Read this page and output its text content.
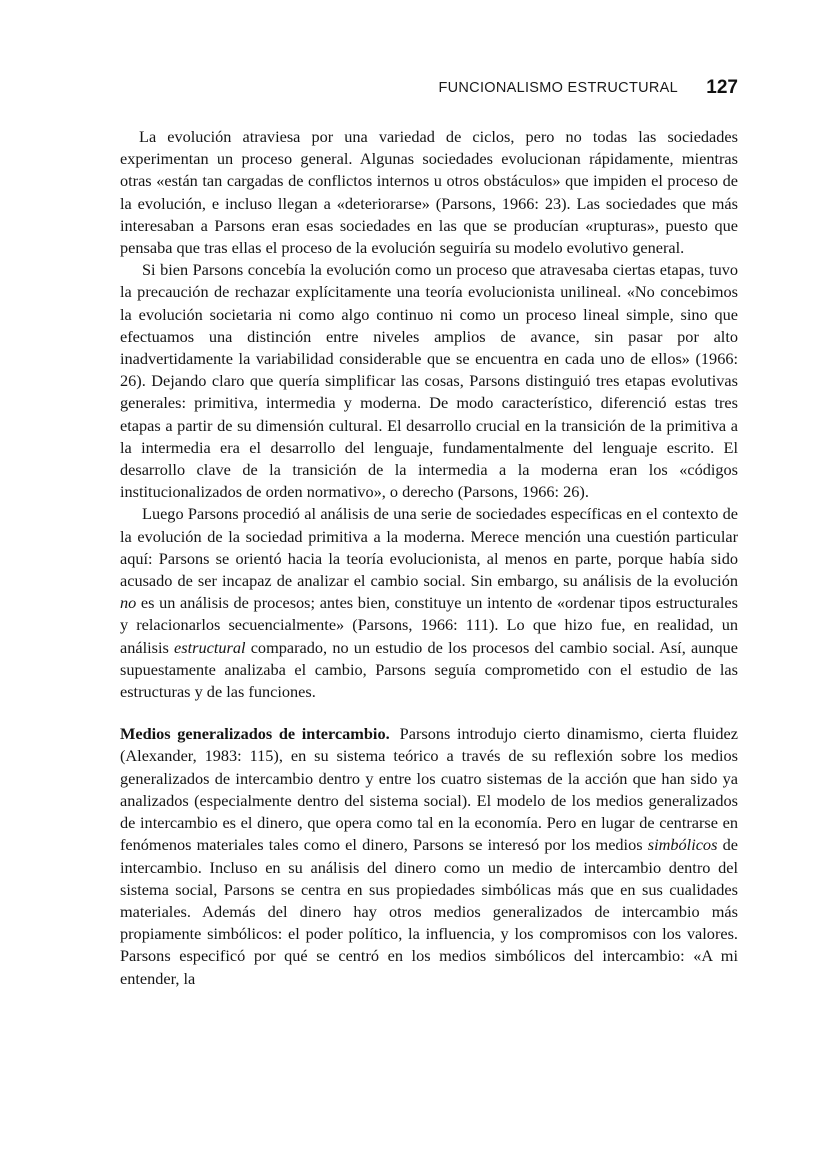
FUNCIONALISMO ESTRUCTURAL 127

La evolución atraviesa por una variedad de ciclos, pero no todas las sociedades experimentan un proceso general. Algunas sociedades evolucionan rápidamente, mientras otras «están tan cargadas de conflictos internos u otros obstáculos» que impiden el proceso de la evolución, e incluso llegan a «deteriorarse» (Parsons, 1966: 23). Las sociedades que más interesaban a Parsons eran esas sociedades en las que se producían «rupturas», puesto que pensaba que tras ellas el proceso de la evolución seguiría su modelo evolutivo general.

Si bien Parsons concebía la evolución como un proceso que atravesaba ciertas etapas, tuvo la precaución de rechazar explícitamente una teoría evolucionista unilineal. «No concebimos la evolución societaria ni como algo continuo ni como un proceso lineal simple, sino que efectuamos una distinción entre niveles amplios de avance, sin pasar por alto inadvertidamente la variabilidad considerable que se encuentra en cada uno de ellos» (1966: 26). Dejando claro que quería simplificar las cosas, Parsons distinguió tres etapas evolutivas generales: primitiva, intermedia y moderna. De modo característico, diferenció estas tres etapas a partir de su dimensión cultural. El desarrollo crucial en la transición de la primitiva a la intermedia era el desarrollo del lenguaje, fundamentalmente del lenguaje escrito. El desarrollo clave de la transición de la intermedia a la moderna eran los «códigos institucionalizados de orden normativo», o derecho (Parsons, 1966: 26).

Luego Parsons procedió al análisis de una serie de sociedades específicas en el contexto de la evolución de la sociedad primitiva a la moderna. Merece mención una cuestión particular aquí: Parsons se orientó hacia la teoría evolucionista, al menos en parte, porque había sido acusado de ser incapaz de analizar el cambio social. Sin embargo, su análisis de la evolución no es un análisis de procesos; antes bien, constituye un intento de «ordenar tipos estructurales y relacionarlos secuencialmente» (Parsons, 1966: 111). Lo que hizo fue, en realidad, un análisis estructural comparado, no un estudio de los procesos del cambio social. Así, aunque supuestamente analizaba el cambio, Parsons seguía comprometido con el estudio de las estructuras y de las funciones.

Medios generalizados de intercambio. Parsons introdujo cierto dinamismo, cierta fluidez (Alexander, 1983: 115), en su sistema teórico a través de su reflexión sobre los medios generalizados de intercambio dentro y entre los cuatro sistemas de la acción que han sido ya analizados (especialmente dentro del sistema social). El modelo de los medios generalizados de intercambio es el dinero, que opera como tal en la economía. Pero en lugar de centrarse en fenómenos materiales tales como el dinero, Parsons se interesó por los medios simbólicos de intercambio. Incluso en su análisis del dinero como un medio de intercambio dentro del sistema social, Parsons se centra en sus propiedades simbólicas más que en sus cualidades materiales. Además del dinero hay otros medios generalizados de intercambio más propiamente simbólicos: el poder político, la influencia, y los compromisos con los valores. Parsons especificó por qué se centró en los medios simbólicos del intercambio: «A mi entender, la
